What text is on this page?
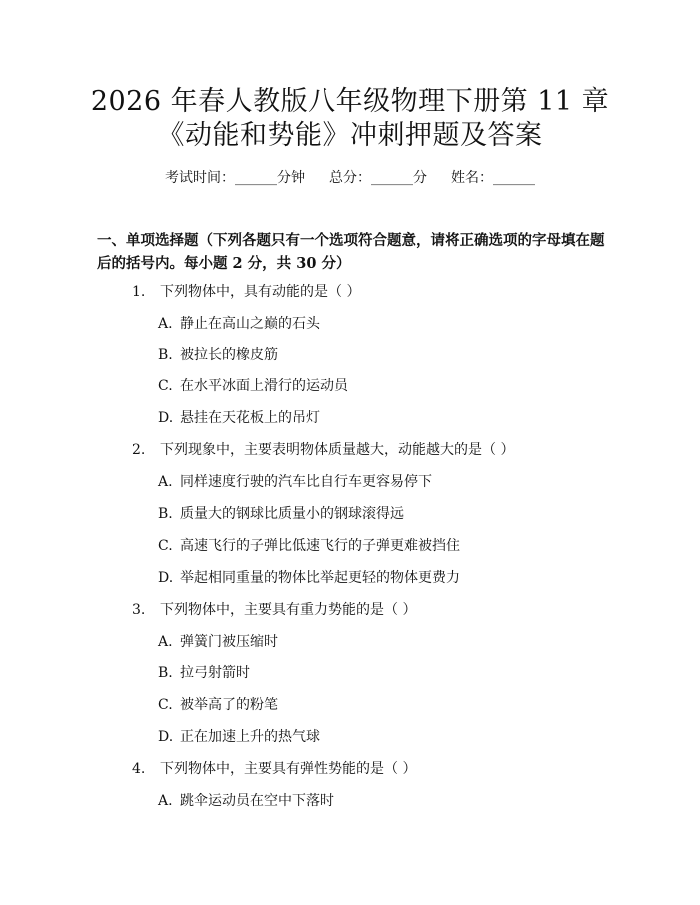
2026 年春人教版八年级物理下册第 11 章
《动能和势能》冲刺押题及答案
考试时间：______分钟 总分：______分 姓名：______
一、单项选择题（下列各题只有一个选项符合题意，请将正确选项的字母填在题后的括号内。每小题 2 分，共 30 分）
1. 下列物体中，具有动能的是（ ）
A. 静止在高山之巅的石头
B. 被拉长的橡皮筋
C. 在水平冰面上滑行的运动员
D. 悬挂在天花板上的吊灯
2. 下列现象中，主要表明物体质量越大，动能越大的是（ ）
A. 同样速度行驶的汽车比自行车更容易停下
B. 质量大的钢球比质量小的钢球滚得远
C. 高速飞行的子弹比低速飞行的子弹更难被挡住
D. 举起相同重量的物体比举起更轻的物体更费力
3. 下列物体中，主要具有重力势能的是（ ）
A. 弹簧门被压缩时
B. 拉弓射箭时
C. 被举高了的粉笔
D. 正在加速上升的热气球
4. 下列物体中，主要具有弹性势能的是（ ）
A. 跳伞运动员在空中下落时
